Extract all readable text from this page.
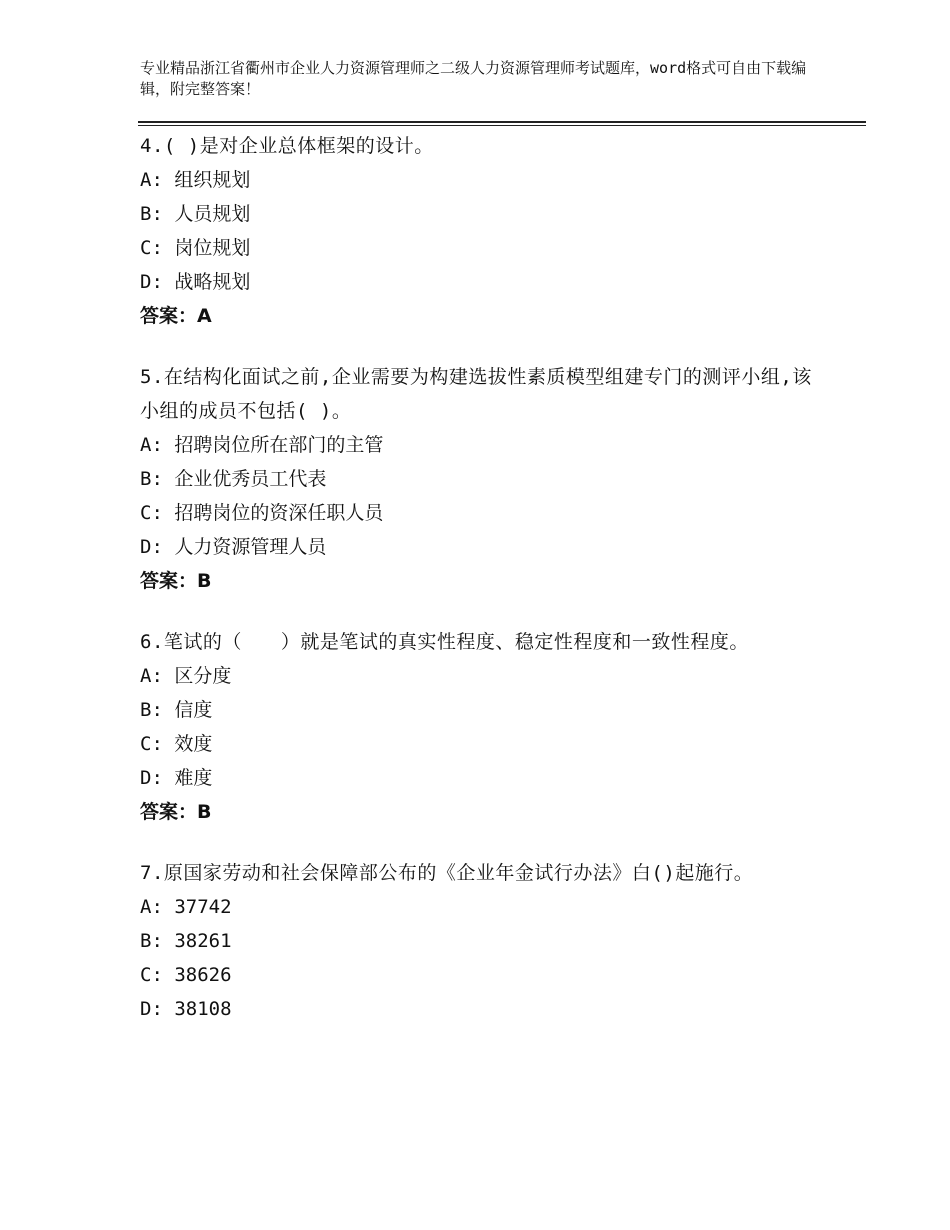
专业精品浙江省衢州市企业人力资源管理师之二级人力资源管理师考试题库，word格式可自由下载编辑，附完整答案！
4.( )是对企业总体框架的设计。
A: 组织规划
B: 人员规划
C: 岗位规划
D: 战略规划
答案：A
5.在结构化面试之前,企业需要为构建选拔性素质模型组建专门的测评小组,该小组的成员不包括( )。
A: 招聘岗位所在部门的主管
B: 企业优秀员工代表
C: 招聘岗位的资深任职人员
D: 人力资源管理人员
答案：B
6.笔试的（　　）就是笔试的真实性程度、稳定性程度和一致性程度。
A: 区分度
B: 信度
C: 效度
D: 难度
答案：B
7.原国家劳动和社会保障部公布的《企业年金试行办法》白()起施行。
A: 37742
B: 38261
C: 38626
D: 38108
